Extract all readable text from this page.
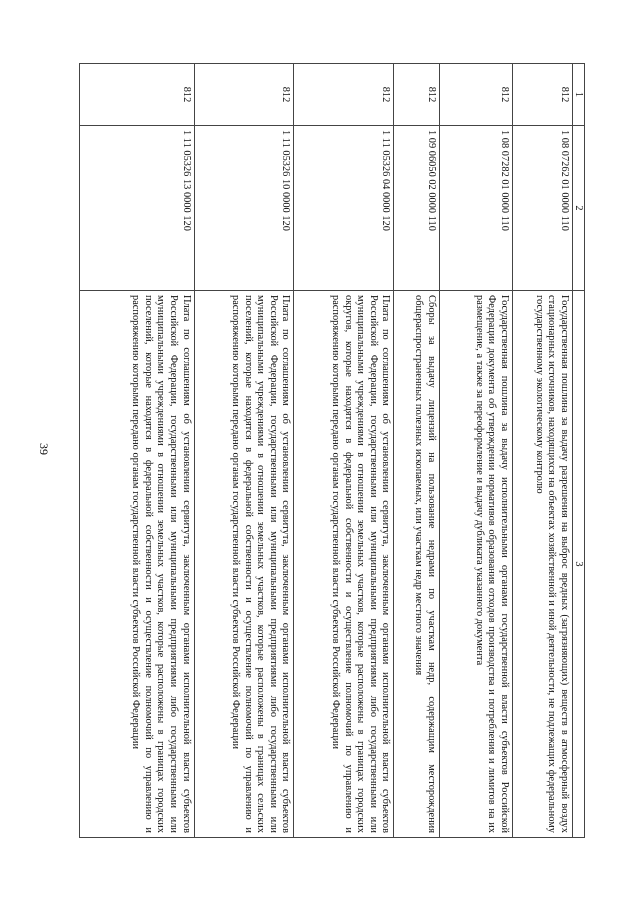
39
1	2	3
812	1 08 07262 01 0000 110	Государственная пошлина за выдачу разрешения на выброс вредных (загрязняющих) веществ в атмосферный воздух стационарных источников, находящихся на объектах хозяйственной и иной деятельности, не подлежащих федеральному государственному экологическому контролю
812	1 08 07282 01 0000 110	Государственная пошлина за выдачу исполнительными органами государственной власти субъектов Российской Федерации документа об утверждении нормативов образования отходов производства и потребления и лимитов на их размещение, а также за переоформление и выдачу дубликата указанного документа
812	1 09 06050 02 0000 110	Сборы за выдачу лицензий на пользование недрами по участкам недр, содержащим месторождения общераспространенных полезных ископаемых, или участкам недр местного значения
812	1 11 05326 04 0000 120	Плата по соглашениям об установлении сервитута, заключенным органами исполнительной власти субъектов Российской Федерации, государственными или муниципальными предприятиями либо государственными или муниципальными учреждениями в отношении земельных участков, которые расположены в границах городских округов, которые находятся в федеральной собственности и осуществление полномочий по управлению и распоряжению которыми передано органам государственной власти субъектов Российской Федерации
812	1 11 05326 10 0000 120	Плата по соглашениям об установлении сервитута, заключенным органами исполнительной власти субъектов Российской Федерации, государственными или муниципальными предприятиями либо государственными или муниципальными учреждениями в отношении земельных участков, которые расположены в границах сельских поселений, которые находятся в федеральной собственности и осуществление полномочий по управлению и распоряжению которыми передано органам государственной власти субъектов Российской Федерации
812	1 11 05326 13 0000 120	Плата по соглашениям об установлении сервитута, заключенным органами исполнительной власти субъектов Российской Федерации, государственными или муниципальными предприятиями либо государственными или муниципальными учреждениями в отношении земельных участков, которые расположены в границах городских поселений, которые находятся в федеральной собственности и осуществление полномочий по управлению и распоряжению которыми передано органам государственной власти субъектов Российской Федерации
